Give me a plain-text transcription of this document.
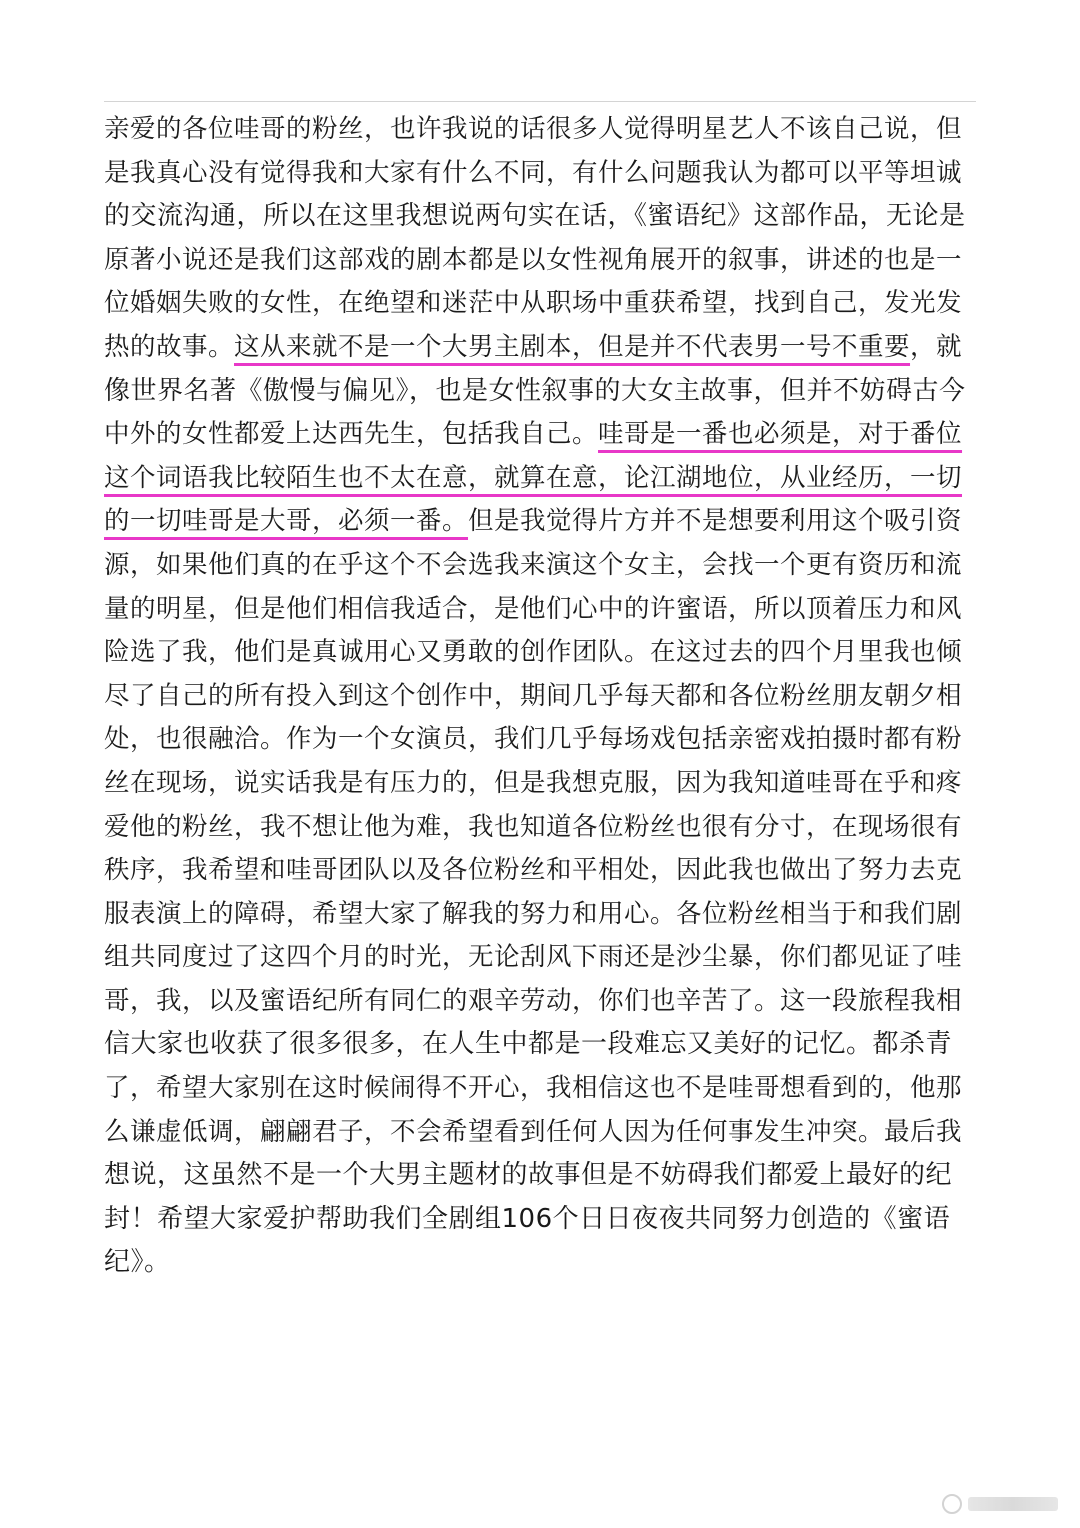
亲爱的各位哇哥的粉丝，也许我说的话很多人觉得明星艺人不该自己说，但
是我真心没有觉得我和大家有什么不同，有什么问题我认为都可以平等坦诚
的交流沟通，所以在这里我想说两句实在话，《蜜语纪》这部作品，无论是
原著小说还是我们这部戏的剧本都是以女性视角展开的叙事，讲述的也是一
位婚姻失败的女性，在绝望和迷茫中从职场中重获希望，找到自己，发光发
热的故事。这从来就不是一个大男主剧本，但是并不代表男一号不重要，就
像世界名著《傲慢与偏见》，也是女性叙事的大女主故事，但并不妨碍古今
中外的女性都爱上达西先生，包括我自己。哇哥是一番也必须是，对于番位
这个词语我比较陌生也不太在意，就算在意，论江湖地位，从业经历，一切
的一切哇哥是大哥，必须一番。但是我觉得片方并不是想要利用这个吸引资
源，如果他们真的在乎这个不会选我来演这个女主，会找一个更有资历和流
量的明星，但是他们相信我适合，是他们心中的许蜜语，所以顶着压力和风
险选了我，他们是真诚用心又勇敢的创作团队。在这过去的四个月里我也倾
尽了自己的所有投入到这个创作中，期间几乎每天都和各位粉丝朋友朝夕相
处，也很融洽。作为一个女演员，我们几乎每场戏包括亲密戏拍摄时都有粉
丝在现场，说实话我是有压力的，但是我想克服，因为我知道哇哥在乎和疼
爱他的粉丝，我不想让他为难，我也知道各位粉丝也很有分寸，在现场很有
秩序，我希望和哇哥团队以及各位粉丝和平相处，因此我也做出了努力去克
服表演上的障碍，希望大家了解我的努力和用心。各位粉丝相当于和我们剧
组共同度过了这四个月的时光，无论刮风下雨还是沙尘暴，你们都见证了哇
哥，我，以及蜜语纪所有同仁的艰辛劳动，你们也辛苦了。这一段旅程我相
信大家也收获了很多很多，在人生中都是一段难忘又美好的记忆。都杀青
了，希望大家别在这时候闹得不开心，我相信这也不是哇哥想看到的，他那
么谦虚低调，翩翩君子，不会希望看到任何人因为任何事发生冲突。最后我
想说，这虽然不是一个大男主题材的故事但是不妨碍我们都爱上最好的纪
封！希望大家爱护帮助我们全剧组106个日日夜夜共同努力创造的《蜜语
纪》。
